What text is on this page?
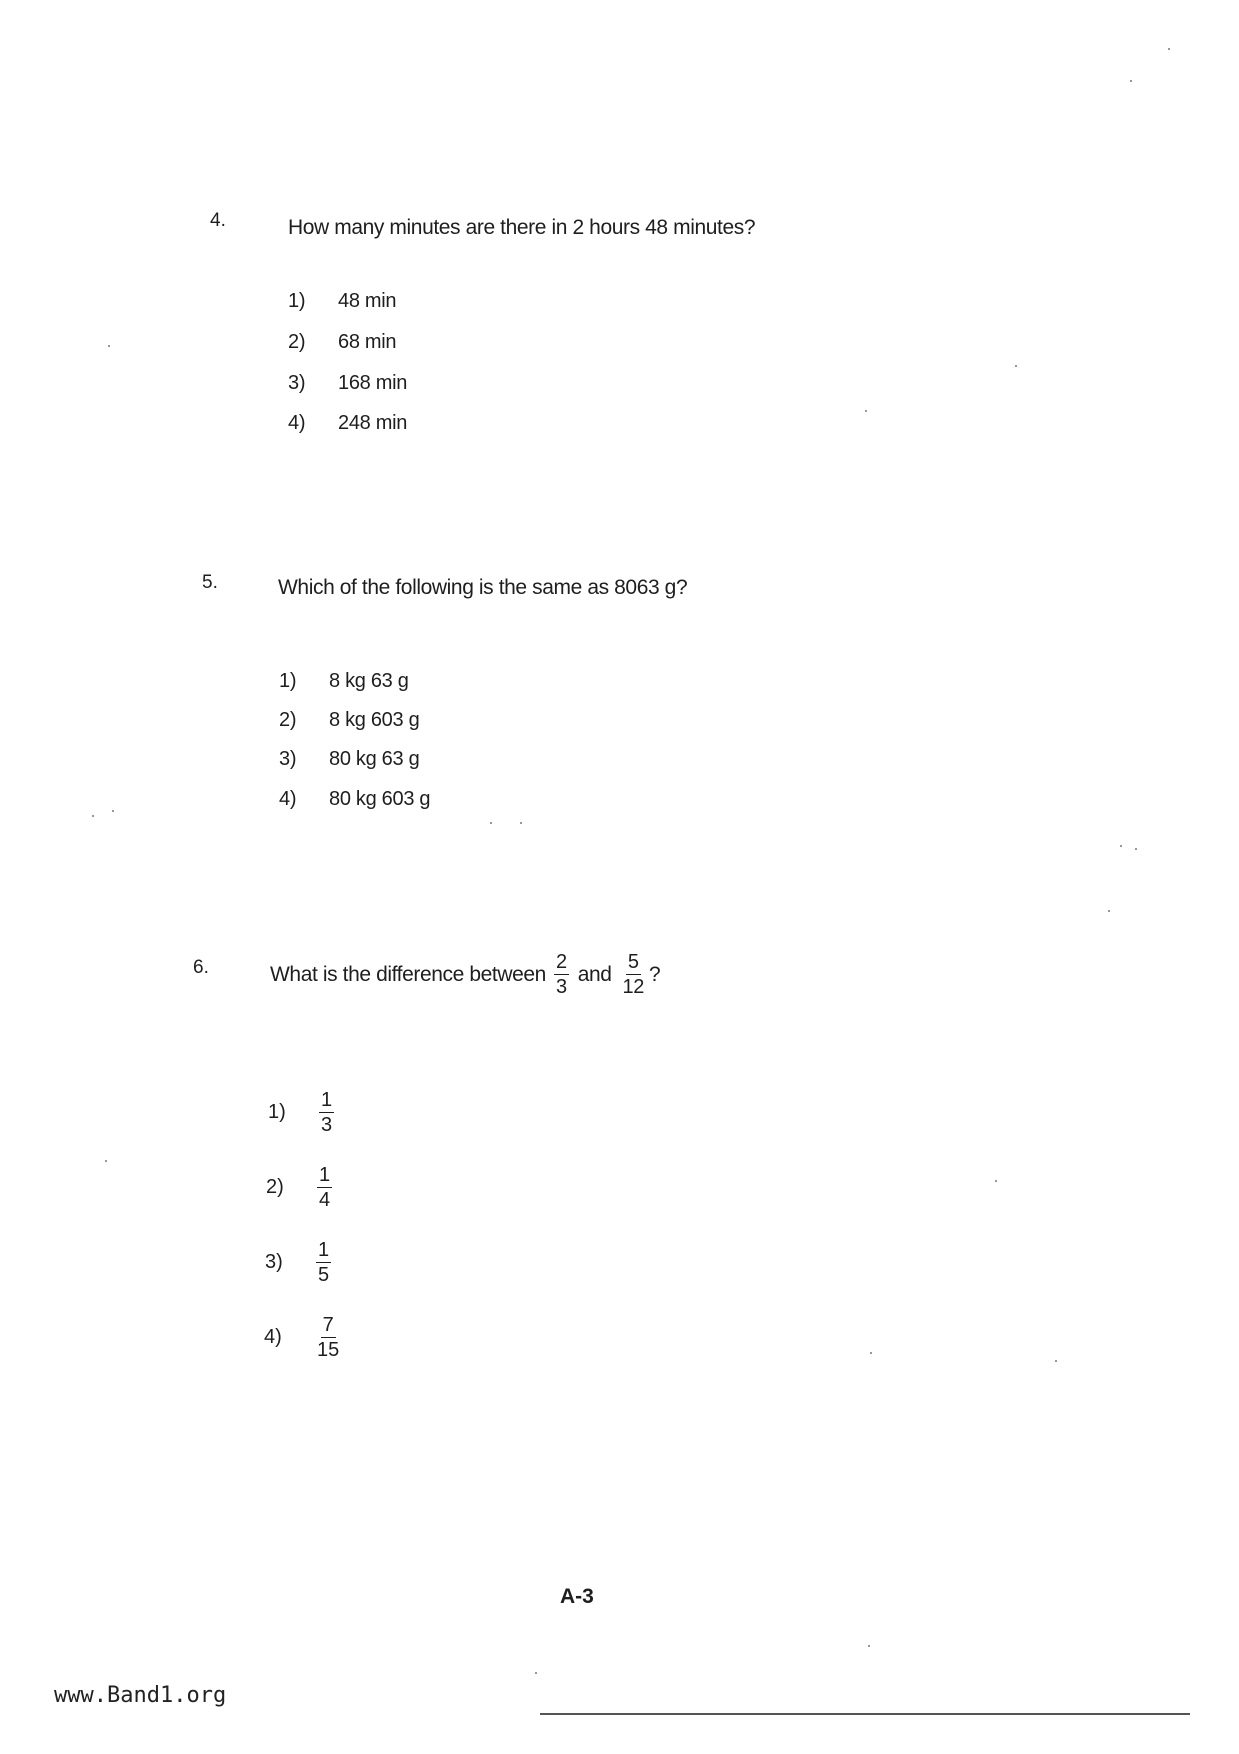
4.	How many minutes are there in 2 hours 48 minutes?
1) 48 min
2) 68 min
3) 168 min
4) 248 min
5.	Which of the following is the same as 8063 g?
1) 8 kg 63 g
2) 8 kg 603 g
3) 80 kg 63 g
4) 80 kg 603 g
6.	What is the difference between $\frac{2}{3}$ and $\frac{5}{12}$ ?
1)	$\frac{1}{3}$
2)	$\frac{1}{4}$
3)	$\frac{1}{5}$
4)	$\frac{7}{15}$
A-3
www.Band1.org
